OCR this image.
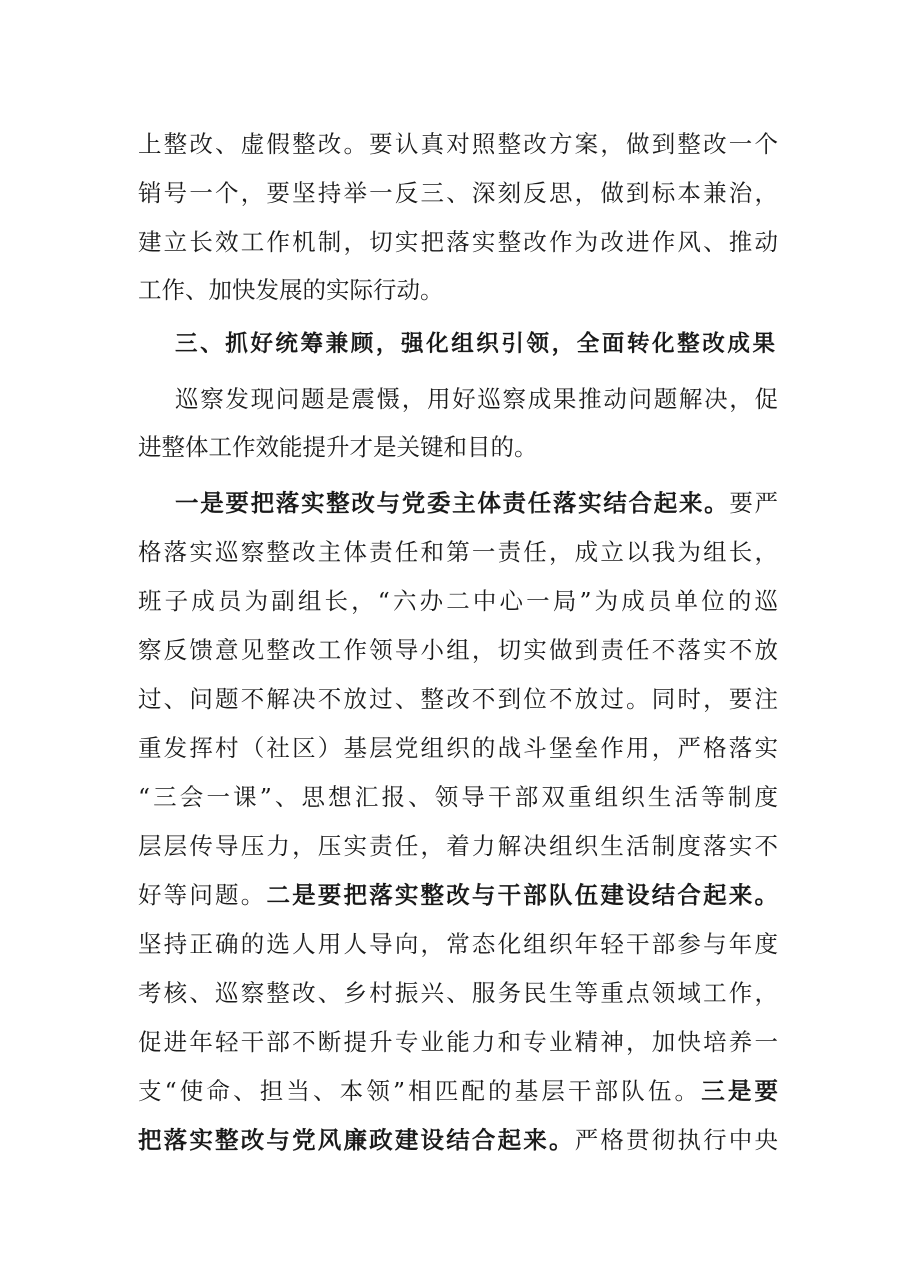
上整改、虚假整改。要认真对照整改方案，做到整改一个
销号一个，要坚持举一反三、深刻反思，做到标本兼治，
建立长效工作机制，切实把落实整改作为改进作风、推动
工作、加快发展的实际行动。
三、抓好统筹兼顾，强化组织引领，全面转化整改成果
巡察发现问题是震慑，用好巡察成果推动问题解决，促
进整体工作效能提升才是关键和目的。
一是要把落实整改与党委主体责任落实结合起来。要严
格落实巡察整改主体责任和第一责任，成立以我为组长，
班子成员为副组长，“六办二中心一局”为成员单位的巡
察反馈意见整改工作领导小组，切实做到责任不落实不放
过、问题不解决不放过、整改不到位不放过。同时，要注
重发挥村（社区）基层党组织的战斗堡垒作用，严格落实
“三会一课”、思想汇报、领导干部双重组织生活等制度
层层传导压力，压实责任，着力解决组织生活制度落实不
好等问题。二是要把落实整改与干部队伍建设结合起来。
坚持正确的选人用人导向，常态化组织年轻干部参与年度
考核、巡察整改、乡村振兴、服务民生等重点领域工作，
促进年轻干部不断提升专业能力和专业精神，加快培养一
支“使命、担当、本领”相匹配的基层干部队伍。三是要
把落实整改与党风廉政建设结合起来。严格贯彻执行中央
